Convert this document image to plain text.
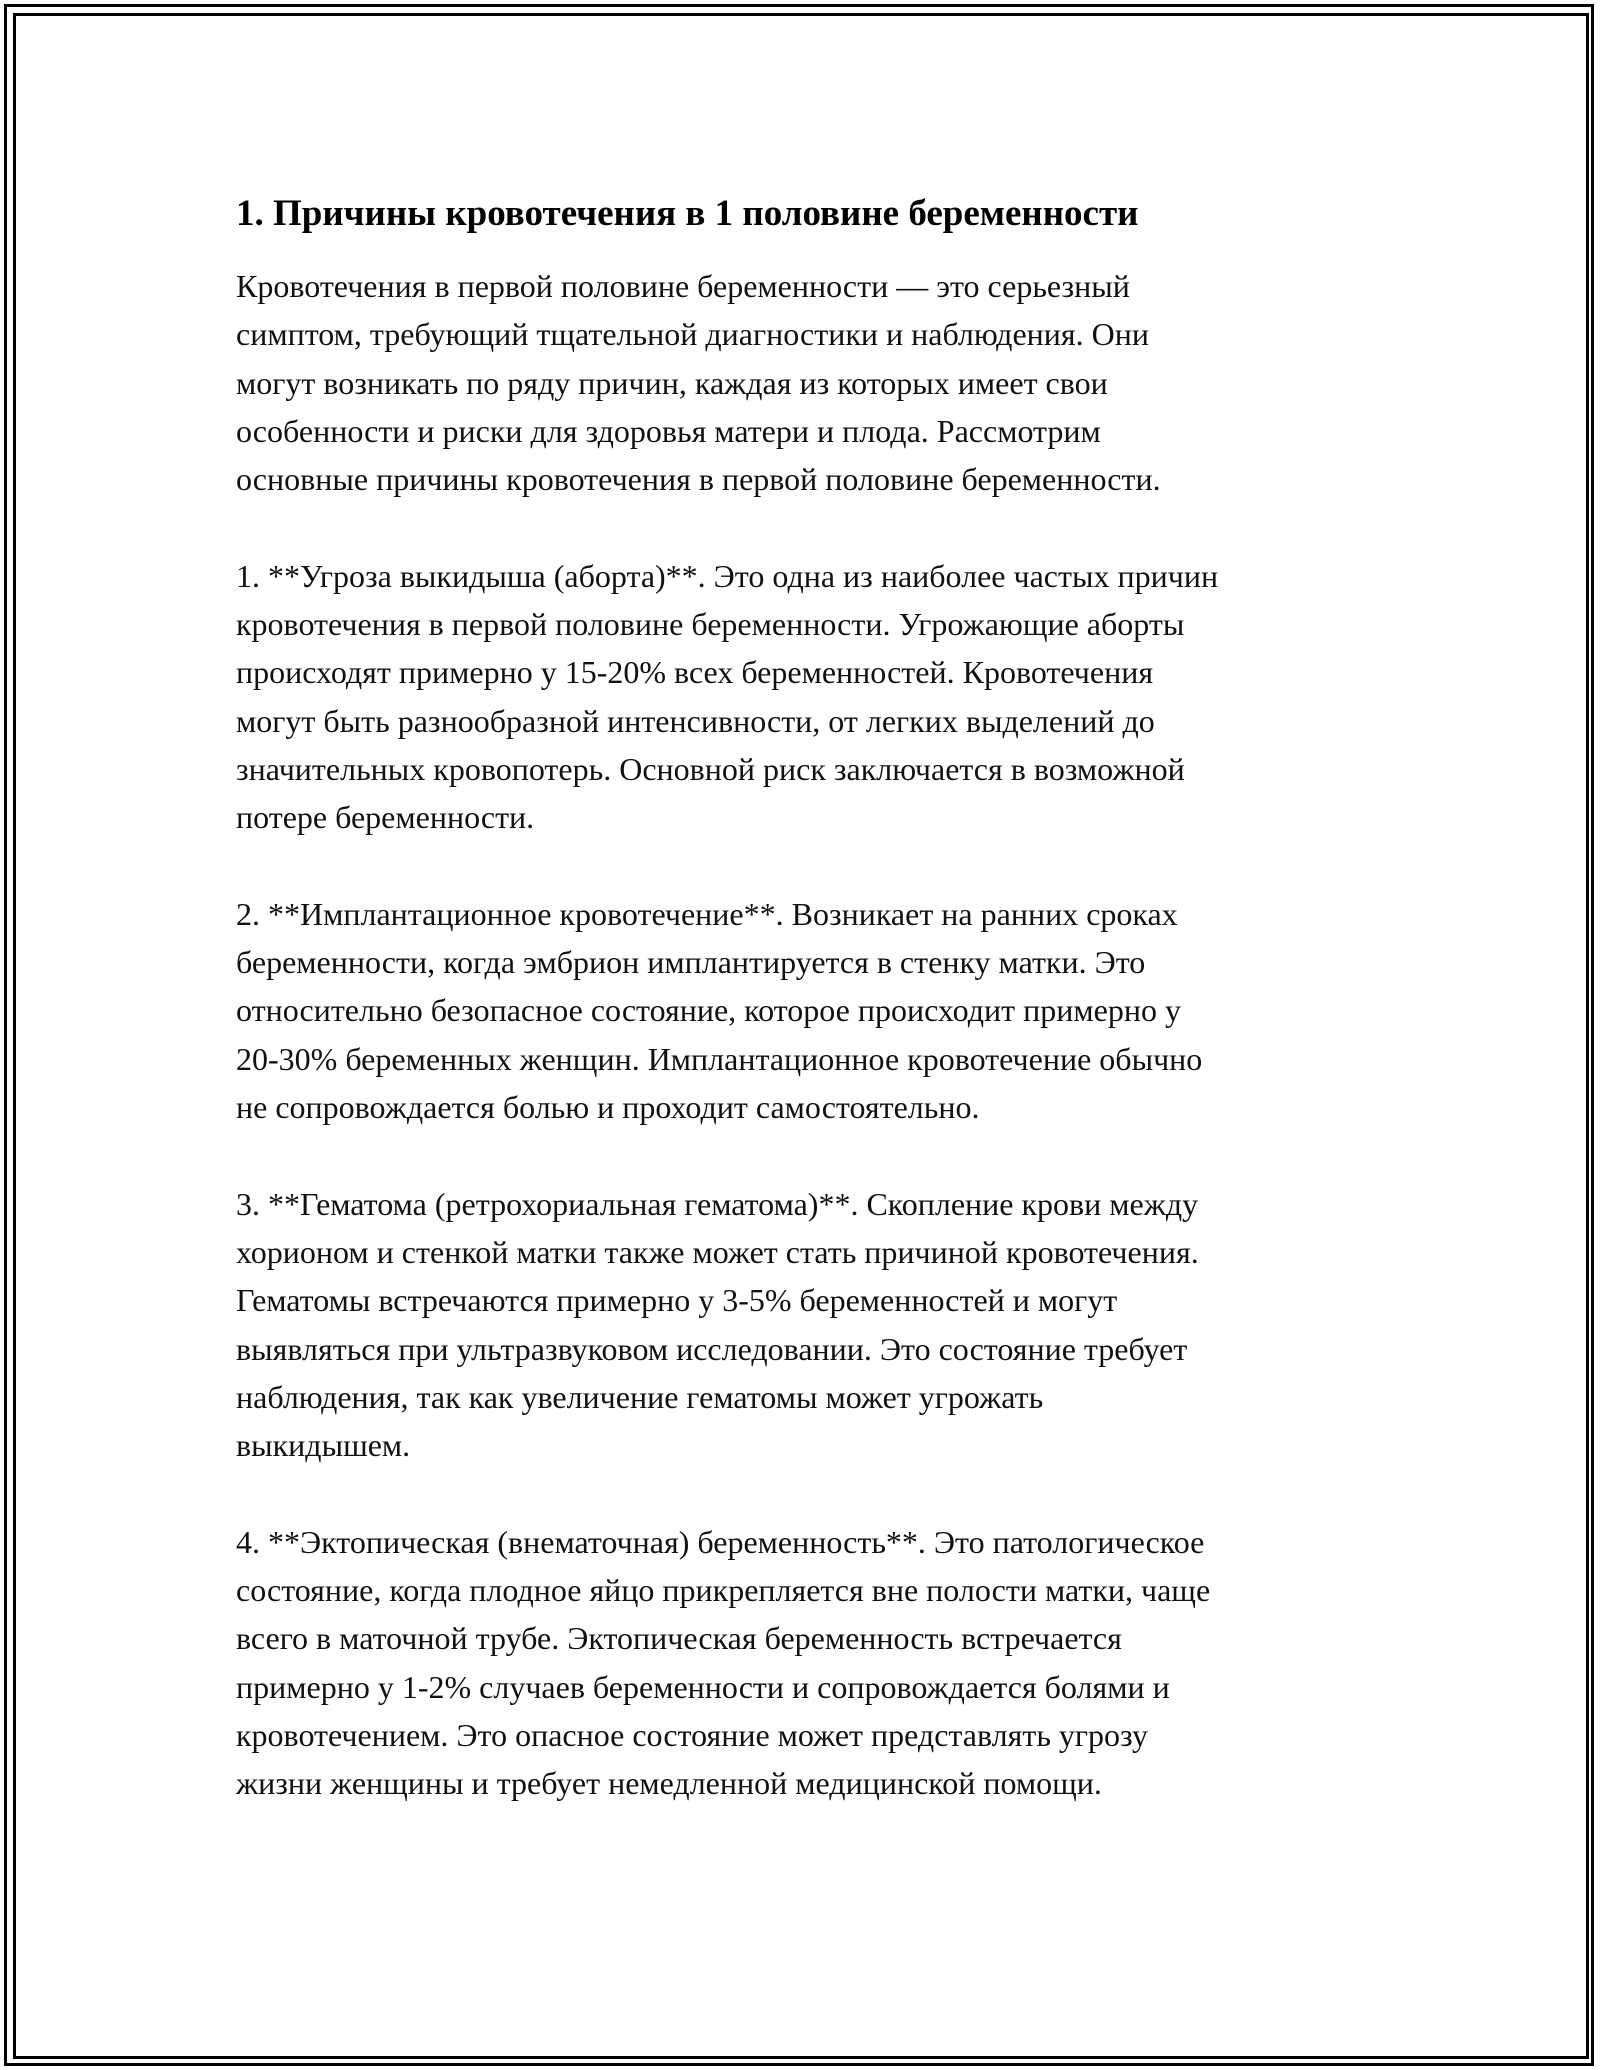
1. Причины кровотечения в 1 половине беременности

Кровотечения в первой половине беременности — это серьезный
симптом, требующий тщательной диагностики и наблюдения. Они
могут возникать по ряду причин, каждая из которых имеет свои
особенности и риски для здоровья матери и плода. Рассмотрим
основные причины кровотечения в первой половине беременности.

1. **Угроза выкидыша (аборта)**. Это одна из наиболее частых причин
кровотечения в первой половине беременности. Угрожающие аборты
происходят примерно у 15-20% всех беременностей. Кровотечения
могут быть разнообразной интенсивности, от легких выделений до
значительных кровопотерь. Основной риск заключается в возможной
потере беременности.

2. **Имплантационное кровотечение**. Возникает на ранних сроках
беременности, когда эмбрион имплантируется в стенку матки. Это
относительно безопасное состояние, которое происходит примерно у
20-30% беременных женщин. Имплантационное кровотечение обычно
не сопровождается болью и проходит самостоятельно.

3. **Гематома (ретрохориальная гематома)**. Скопление крови между
хорионом и стенкой матки также может стать причиной кровотечения.
Гематомы встречаются примерно у 3-5% беременностей и могут
выявляться при ультразвуковом исследовании. Это состояние требует
наблюдения, так как увеличение гематомы может угрожать
выкидышем.

4. **Эктопическая (внематочная) беременность**. Это патологическое
состояние, когда плодное яйцо прикрепляется вне полости матки, чаще
всего в маточной трубе. Эктопическая беременность встречается
примерно у 1-2% случаев беременности и сопровождается болями и
кровотечением. Это опасное состояние может представлять угрозу
жизни женщины и требует немедленной медицинской помощи.
